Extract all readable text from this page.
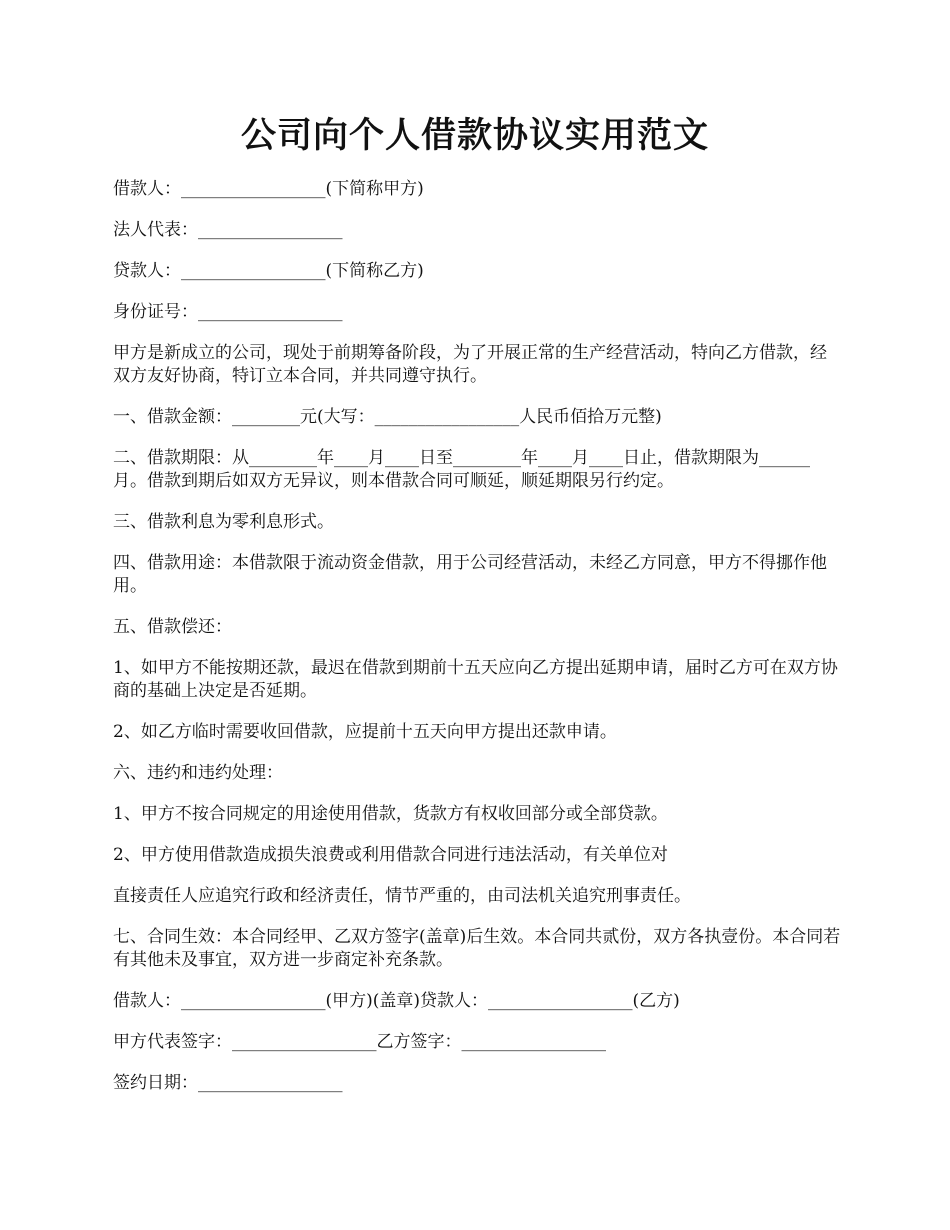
公司向个人借款协议实用范文

借款人：_________________(下简称甲方)

法人代表：_________________

贷款人：_________________(下简称乙方)

身份证号：_________________

甲方是新成立的公司，现处于前期筹备阶段，为了开展正常的生产经营活动，特向乙方借款，经双方友好协商，特订立本合同，并共同遵守执行。

一、借款金额：________元(大写：_________________人民币佰拾万元整)

二、借款期限：从________年____月____日至________年____月____日止，借款期限为______月。借款到期后如双方无异议，则本借款合同可顺延，顺延期限另行约定。

三、借款利息为零利息形式。

四、借款用途：本借款限于流动资金借款，用于公司经营活动，未经乙方同意，甲方不得挪作他用。

五、借款偿还：

1、如甲方不能按期还款，最迟在借款到期前十五天应向乙方提出延期申请，届时乙方可在双方协商的基础上决定是否延期。

2、如乙方临时需要收回借款，应提前十五天向甲方提出还款申请。

六、违约和违约处理：

1、甲方不按合同规定的用途使用借款，货款方有权收回部分或全部贷款。

2、甲方使用借款造成损失浪费或利用借款合同进行违法活动，有关单位对

直接责任人应追究行政和经济责任，情节严重的，由司法机关追究刑事责任。

七、合同生效：本合同经甲、乙双方签字(盖章)后生效。本合同共贰份，双方各执壹份。本合同若有其他未及事宜，双方进一步商定补充条款。

借款人：_________________(甲方)(盖章)贷款人：_________________(乙方)

甲方代表签字：_________________乙方签字：_________________

签约日期：_________________
